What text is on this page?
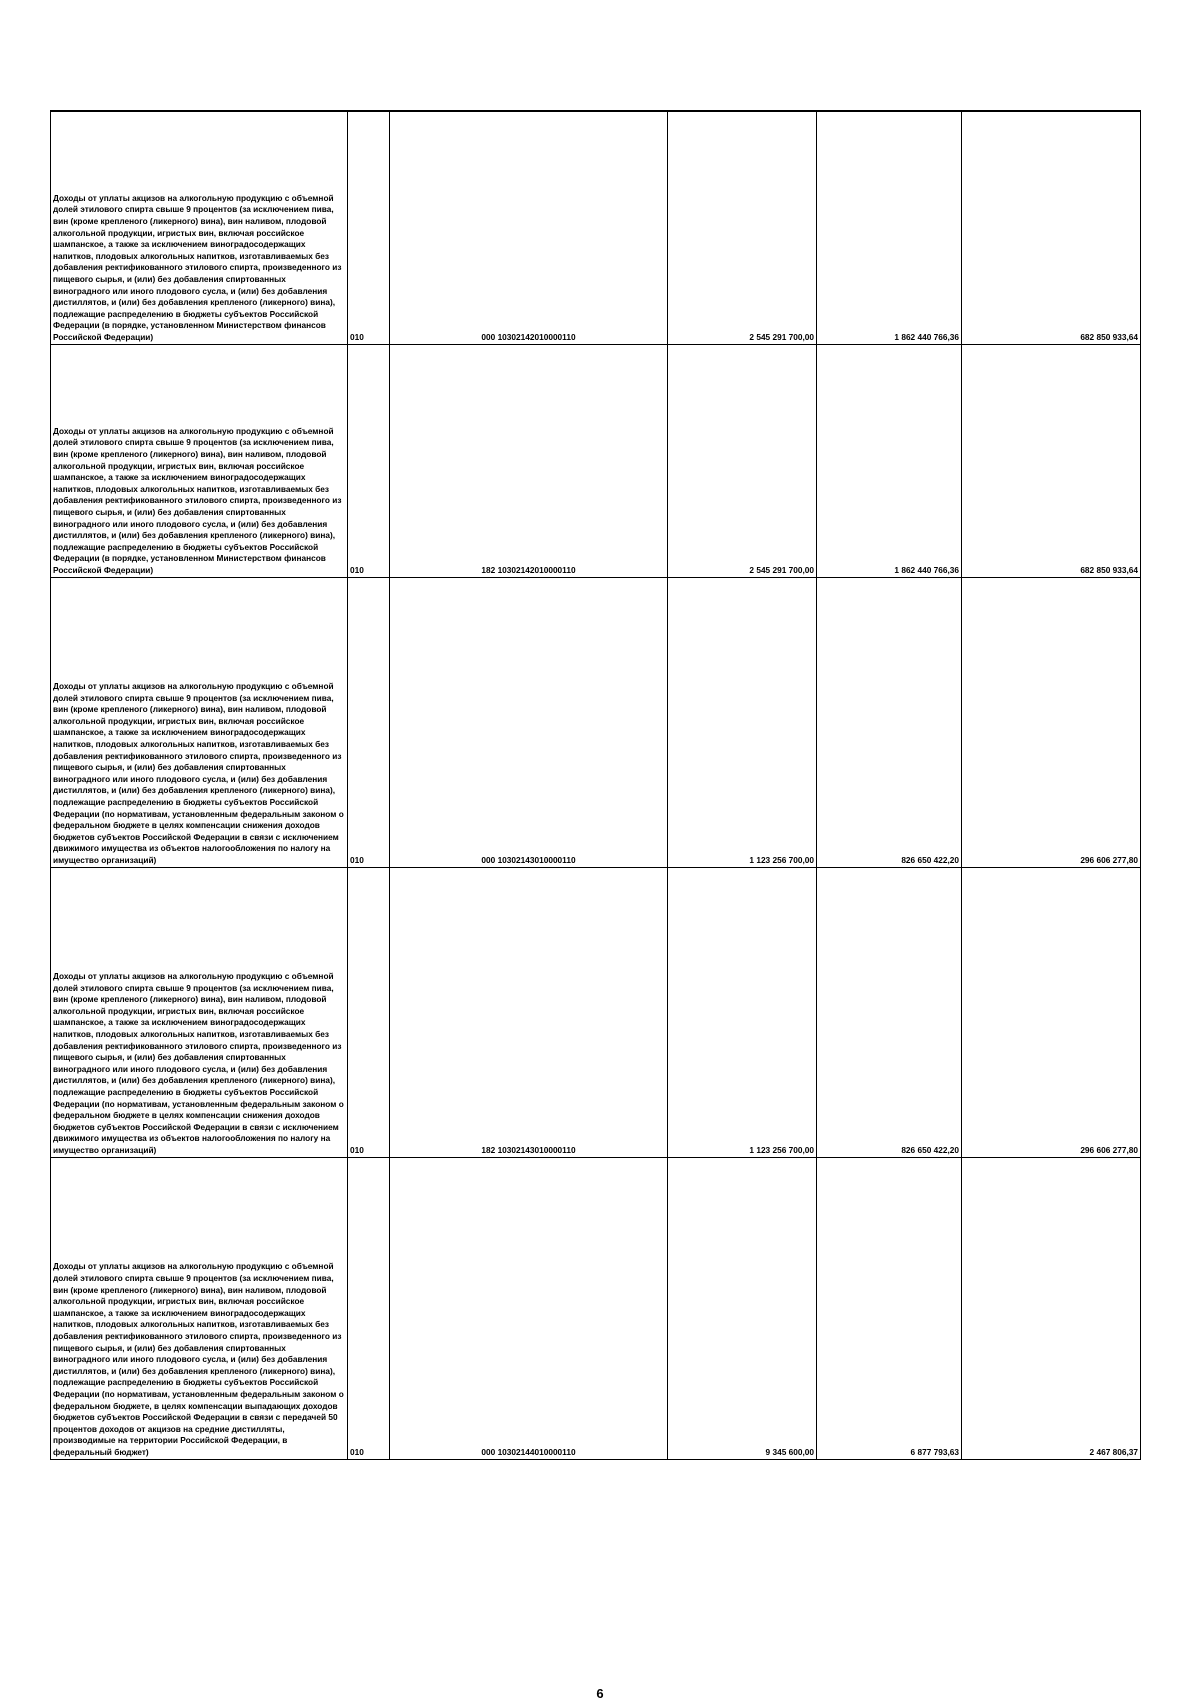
Доходы от уплаты акцизов на алкогольную продукцию с объемной долей этилового спирта свыше 9 процентов (за исключением пива, вин (кроме крепленого (ликерного) вина), вин наливом, плодовой алкогольной продукции, игристых вин, включая российское шампанское, а также за исключением виноградосодержащих напитков, плодовых алкогольных напитков, изготавливаемых без добавления ректификованного этилового спирта, произведенного из пищевого сырья, и (или) без добавления спиртованных виноградного или иного плодового сусла, и (или) без добавления дистиллятов, и (или) без добавления крепленого (ликерного) вина), подлежащие распределению в бюджеты субъектов Российской Федерации (в порядке, установленном Министерством финансов Российской Федерации)	010	000 10302142010000110	2 545 291 700,00	1 862 440 766,36	682 850 933,64
Доходы от уплаты акцизов на алкогольную продукцию с объемной долей этилового спирта свыше 9 процентов (за исключением пива, вин (кроме крепленого (ликерного) вина), вин наливом, плодовой алкогольной продукции, игристых вин, включая российское шампанское, а также за исключением виноградосодержащих напитков, плодовых алкогольных напитков, изготавливаемых без добавления ректификованного этилового спирта, произведенного из пищевого сырья, и (или) без добавления спиртованных виноградного или иного плодового сусла, и (или) без добавления дистиллятов, и (или) без добавления крепленого (ликерного) вина), подлежащие распределению в бюджеты субъектов Российской Федерации (в порядке, установленном Министерством финансов Российской Федерации)	010	182 10302142010000110	2 545 291 700,00	1 862 440 766,36	682 850 933,64
Доходы от уплаты акцизов на алкогольную продукцию с объемной долей этилового спирта свыше 9 процентов (за исключением пива, вин (кроме крепленого (ликерного) вина), вин наливом, плодовой алкогольной продукции, игристых вин, включая российское шампанское, а также за исключением виноградосодержащих напитков, плодовых алкогольных напитков, изготавливаемых без добавления ректификованного этилового спирта, произведенного из пищевого сырья, и (или) без добавления спиртованных виноградного или иного плодового сусла, и (или) без добавления дистиллятов, и (или) без добавления крепленого (ликерного) вина), подлежащие распределению в бюджеты субъектов Российской Федерации (по нормативам, установленным федеральным законом о федеральном бюджете в целях компенсации снижения доходов бюджетов субъектов Российской Федерации в связи с исключением движимого имущества из объектов налогообложения по налогу на имущество организаций)	010	000 10302143010000110	1 123 256 700,00	826 650 422,20	296 606 277,80
Доходы от уплаты акцизов на алкогольную продукцию с объемной долей этилового спирта свыше 9 процентов (за исключением пива, вин (кроме крепленого (ликерного) вина), вин наливом, плодовой алкогольной продукции, игристых вин, включая российское шампанское, а также за исключением виноградосодержащих напитков, плодовых алкогольных напитков, изготавливаемых без добавления ректификованного этилового спирта, произведенного из пищевого сырья, и (или) без добавления спиртованных виноградного или иного плодового сусла, и (или) без добавления дистиллятов, и (или) без добавления крепленого (ликерного) вина), подлежащие распределению в бюджеты субъектов Российской Федерации (по нормативам, установленным федеральным законом о федеральном бюджете в целях компенсации снижения доходов бюджетов субъектов Российской Федерации в связи с исключением движимого имущества из объектов налогообложения по налогу на имущество организаций)	010	182 10302143010000110	1 123 256 700,00	826 650 422,20	296 606 277,80
Доходы от уплаты акцизов на алкогольную продукцию с объемной долей этилового спирта свыше 9 процентов (за исключением пива, вин (кроме крепленого (ликерного) вина), вин наливом, плодовой алкогольной продукции, игристых вин, включая российское шампанское, а также за исключением виноградосодержащих напитков, плодовых алкогольных напитков, изготавливаемых без добавления ректификованного этилового спирта, произведенного из пищевого сырья, и (или) без добавления спиртованных виноградного или иного плодового сусла, и (или) без добавления дистиллятов, и (или) без добавления крепленого (ликерного) вина), подлежащие распределению в бюджеты субъектов Российской Федерации (по нормативам, установленным федеральным законом о федеральном бюджете, в целях компенсации выпадающих доходов бюджетов субъектов Российской Федерации в связи с передачей 50 процентов доходов от акцизов на средние дистилляты, производимые на территории Российской Федерации, в федеральный бюджет)	010	000 10302144010000110	9 345 600,00	6 877 793,63	2 467 806,37
6
